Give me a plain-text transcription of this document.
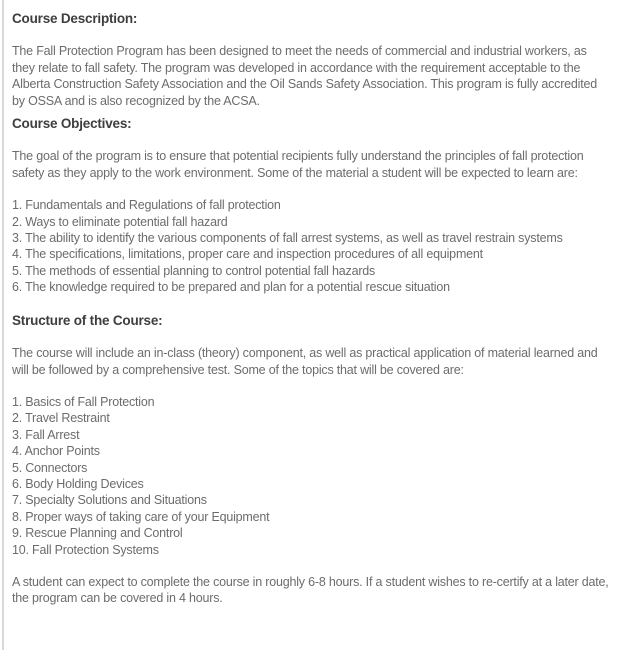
Course Description:

The Fall Protection Program has been designed to meet the needs of commercial and industrial workers, as they relate to fall safety. The program was developed in accordance with the requirement acceptable to the Alberta Construction Safety Association and the Oil Sands Safety Association. This program is fully accredited by OSSA and is also recognized by the ACSA.

Course Objectives:

The goal of the program is to ensure that potential recipients fully understand the principles of fall protection safety as they apply to the work environment. Some of the material a student will be expected to learn are:

1. Fundamentals and Regulations of fall protection
2. Ways to eliminate potential fall hazard
3. The ability to identify the various components of fall arrest systems, as well as travel restrain systems
4. The specifications, limitations, proper care and inspection procedures of all equipment
5. The methods of essential planning to control potential fall hazards
6. The knowledge required to be prepared and plan for a potential rescue situation
Structure of the Course:

The course will include an in-class (theory) component, as well as practical application of material learned and will be followed by a comprehensive test. Some of the topics that will be covered are:

1. Basics of Fall Protection
2. Travel Restraint
3. Fall Arrest
4. Anchor Points
5. Connectors
6. Body Holding Devices
7. Specialty Solutions and Situations
8. Proper ways of taking care of your Equipment
9. Rescue Planning and Control
10. Fall Protection Systems

A student can expect to complete the course in roughly 6-8 hours. If a student wishes to re-certify at a later date, the program can be covered in 4 hours.
